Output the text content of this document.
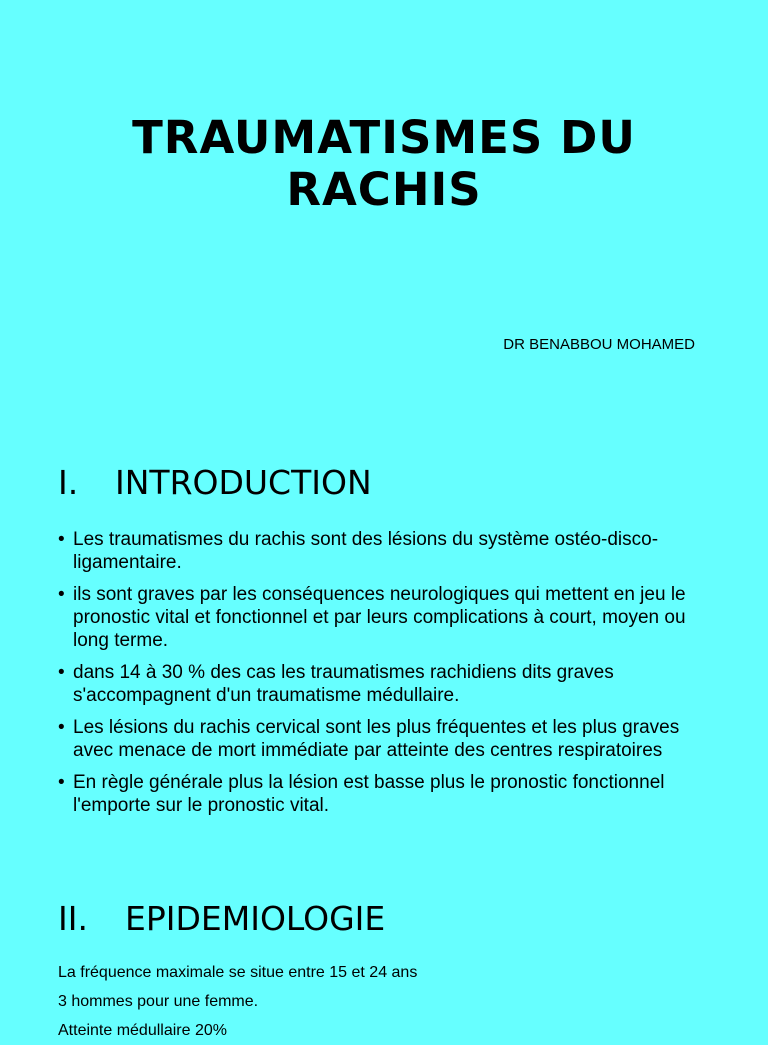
TRAUMATISMES DU RACHIS

DR BENABBOU MOHAMED

I.	INTRODUCTION
• Les traumatismes du rachis sont des lésions du système ostéo-disco-ligamentaire.
• ils sont graves par les conséquences neurologiques qui mettent en jeu le pronostic vital et fonctionnel et par leurs complications à court, moyen ou long terme.
• dans 14 à 30 % des cas les traumatismes rachidiens dits graves s'accompagnent d'un traumatisme médullaire.
• Les lésions du rachis cervical sont les plus fréquentes et les plus graves avec menace de mort immédiate par atteinte des centres respiratoires
• En règle générale plus la lésion est basse plus le pronostic fonctionnel l'emporte sur le pronostic vital.
II.	EPIDEMIOLOGIE
La fréquence maximale se situe entre 15 et 24 ans
3 hommes pour une femme.
Atteinte médullaire 20%
